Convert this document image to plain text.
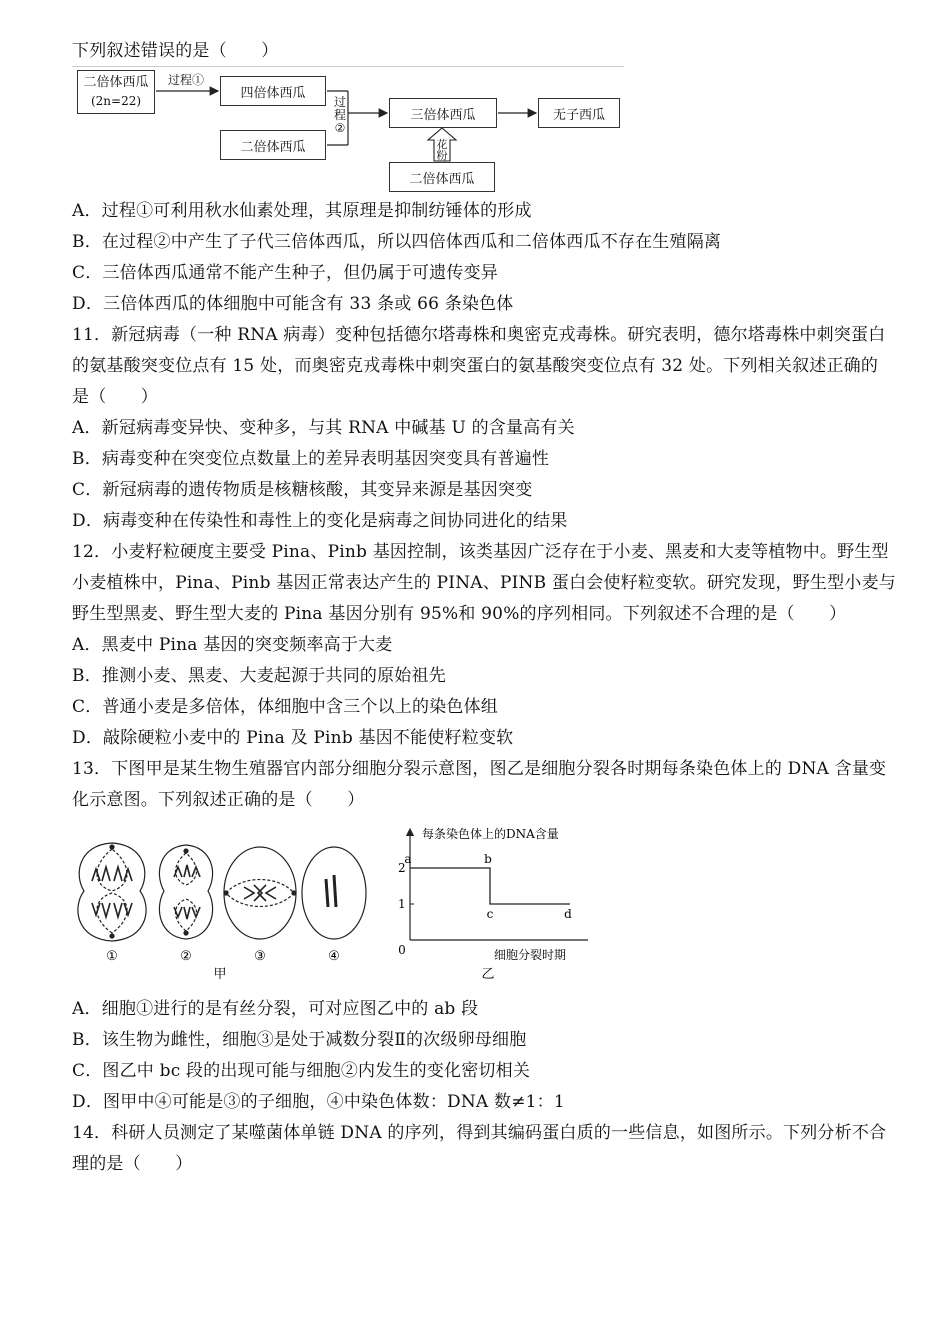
下列叙述错误的是（　　）
二倍体西瓜
(2n=22)
四倍体西瓜
二倍体西瓜
三倍体西瓜	无子西瓜
二倍体西瓜
过程①
过
程
②
花
粉
A．过程①可利用秋水仙素处理，其原理是抑制纺锤体的形成
B．在过程②中产生了子代三倍体西瓜，所以四倍体西瓜和二倍体西瓜不存在生殖隔离
C．三倍体西瓜通常不能产生种子，但仍属于可遗传变异
D．三倍体西瓜的体细胞中可能含有 33 条或 66 条染色体
11．新冠病毒（一种 RNA 病毒）变种包括德尔塔毒株和奥密克戎毒株。研究表明，德尔塔毒株中刺突蛋白
的氨基酸突变位点有 15 处，而奥密克戎毒株中刺突蛋白的氨基酸突变位点有 32 处。下列相关叙述正确的
是（　　）
A．新冠病毒变异快、变种多，与其 RNA 中碱基 U 的含量高有关
B．病毒变种在突变位点数量上的差异表明基因突变具有普遍性
C．新冠病毒的遗传物质是核糖核酸，其变异来源是基因突变
D．病毒变种在传染性和毒性上的变化是病毒之间协同进化的结果
12．小麦籽粒硬度主要受 Pina、Pinb 基因控制，该类基因广泛存在于小麦、黑麦和大麦等植物中。野生型
小麦植株中，Pina、Pinb 基因正常表达产生的 PINA、PINB 蛋白会使籽粒变软。研究发现，野生型小麦与
野生型黑麦、野生型大麦的 Pina 基因分别有 95%和 90%的序列相同。下列叙述不合理的是（　　）
A．黑麦中 Pina 基因的突变频率高于大麦
B．推测小麦、黑麦、大麦起源于共同的原始祖先
C．普通小麦是多倍体，体细胞中含三个以上的染色体组
D．敲除硬粒小麦中的 Pina 及 Pinb 基因不能使籽粒变软
13．下图甲是某生物生殖器官内部分细胞分裂示意图，图乙是细胞分裂各时期每条染色体上的 DNA 含量变
化示意图。下列叙述正确的是（　　）
①	②	③	④
甲
每条染色体上的DNA含量
细胞分裂时期
0
1
2
a	b
c	d
乙
A．细胞①进行的是有丝分裂，可对应图乙中的 ab 段
B．该生物为雌性，细胞③是处于减数分裂Ⅱ的次级卵母细胞
C．图乙中 bc 段的出现可能与细胞②内发生的变化密切相关
D．图甲中④可能是③的子细胞，④中染色体数：DNA 数≠1：1
14．科研人员测定了某噬菌体单链 DNA 的序列，得到其编码蛋白质的一些信息，如图所示。下列分析不合
理的是（　　）
